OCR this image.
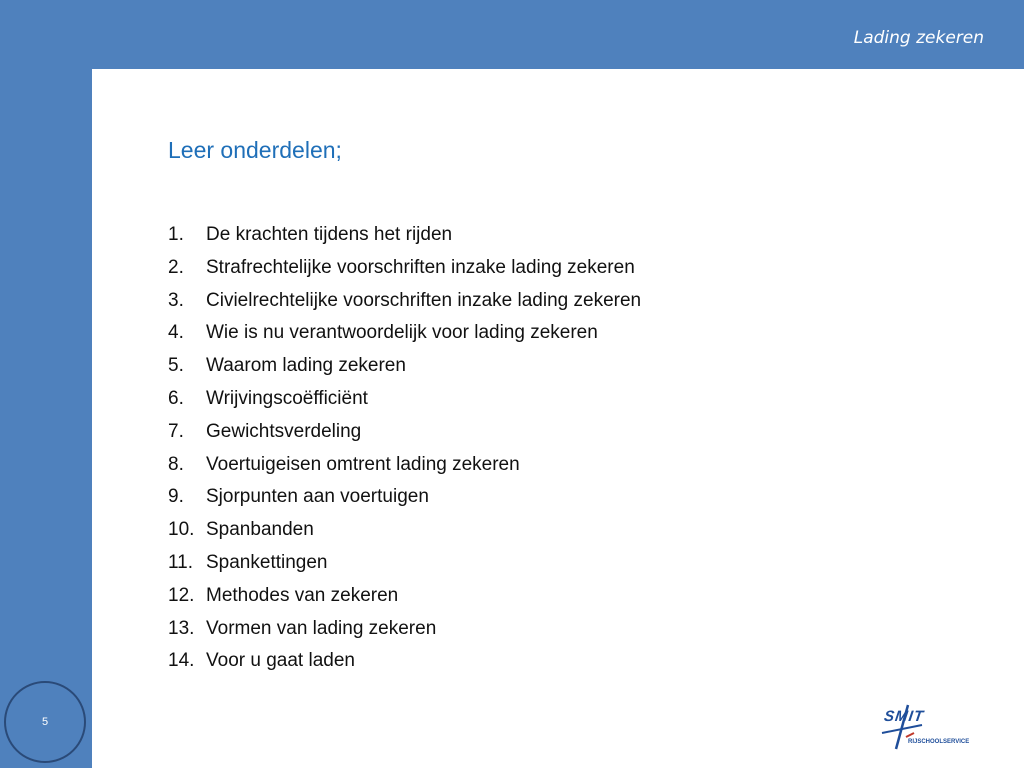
Lading zekeren
5
Leer onderdelen;
1. De krachten tijdens het rijden
2. Strafrechtelijke voorschriften inzake lading zekeren
3. Civielrechtelijke voorschriften inzake lading zekeren
4. Wie is nu verantwoordelijk voor lading zekeren
5. Waarom lading zekeren
6. Wrijvingscoëfficiënt
7. Gewichtsverdeling
8. Voertuigeisen omtrent lading zekeren
9. Sjorpunten aan voertuigen
10. Spanbanden
11. Spankettingen
12. Methodes van zekeren
13. Vormen van lading zekeren
14. Voor u gaat laden
SMIT
RIJSCHOOLSERVICE
